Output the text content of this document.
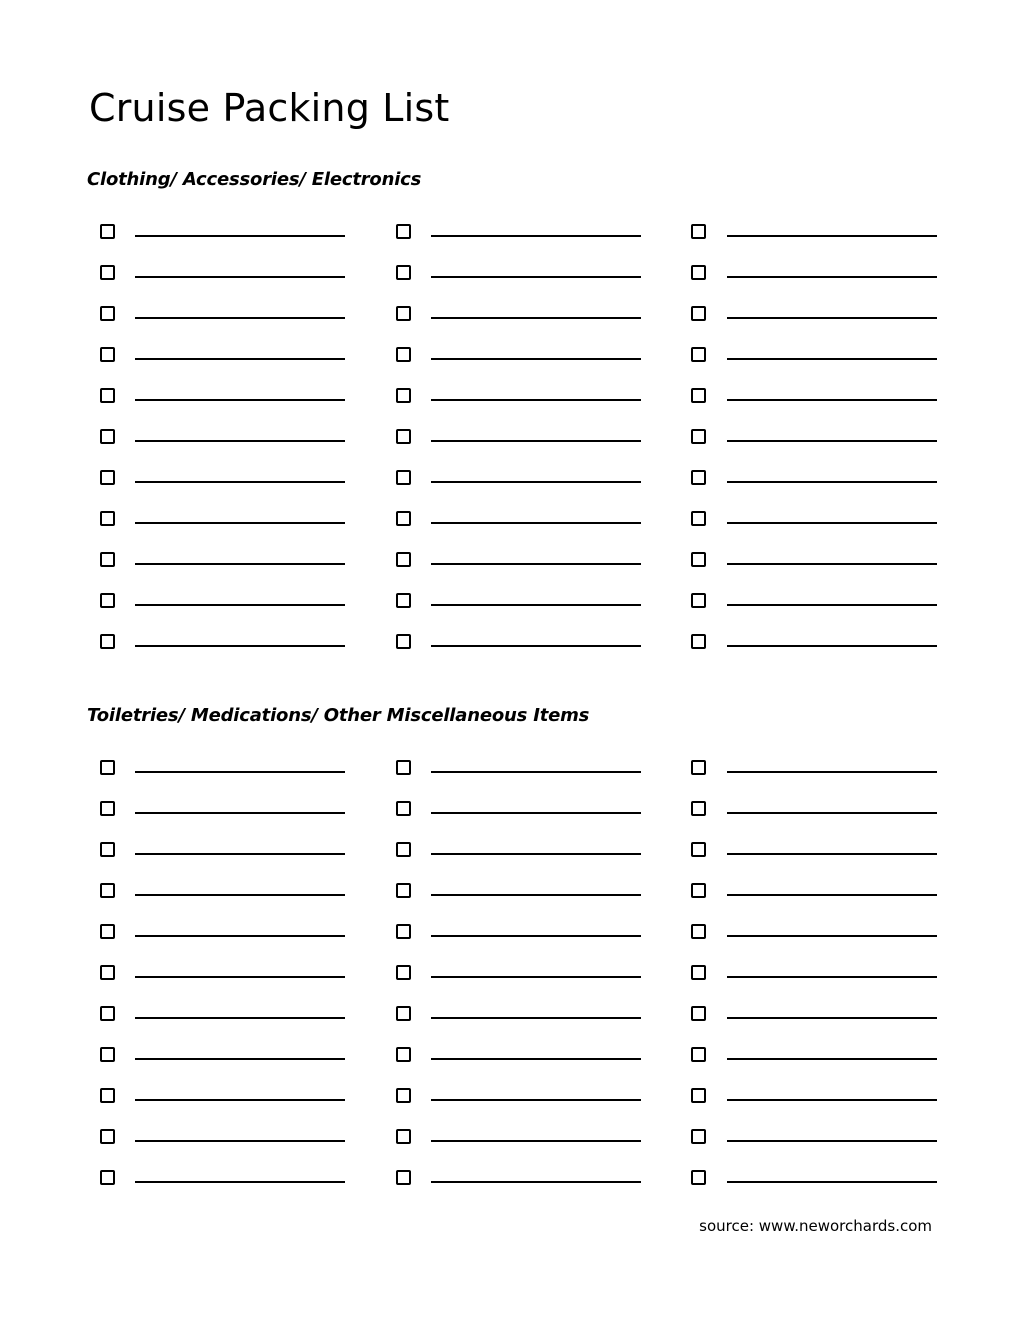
Cruise Packing List
Clothing/ Accessories/ Electronics
Toiletries/ Medications/ Other Miscellaneous Items
source: www.neworchards.com
